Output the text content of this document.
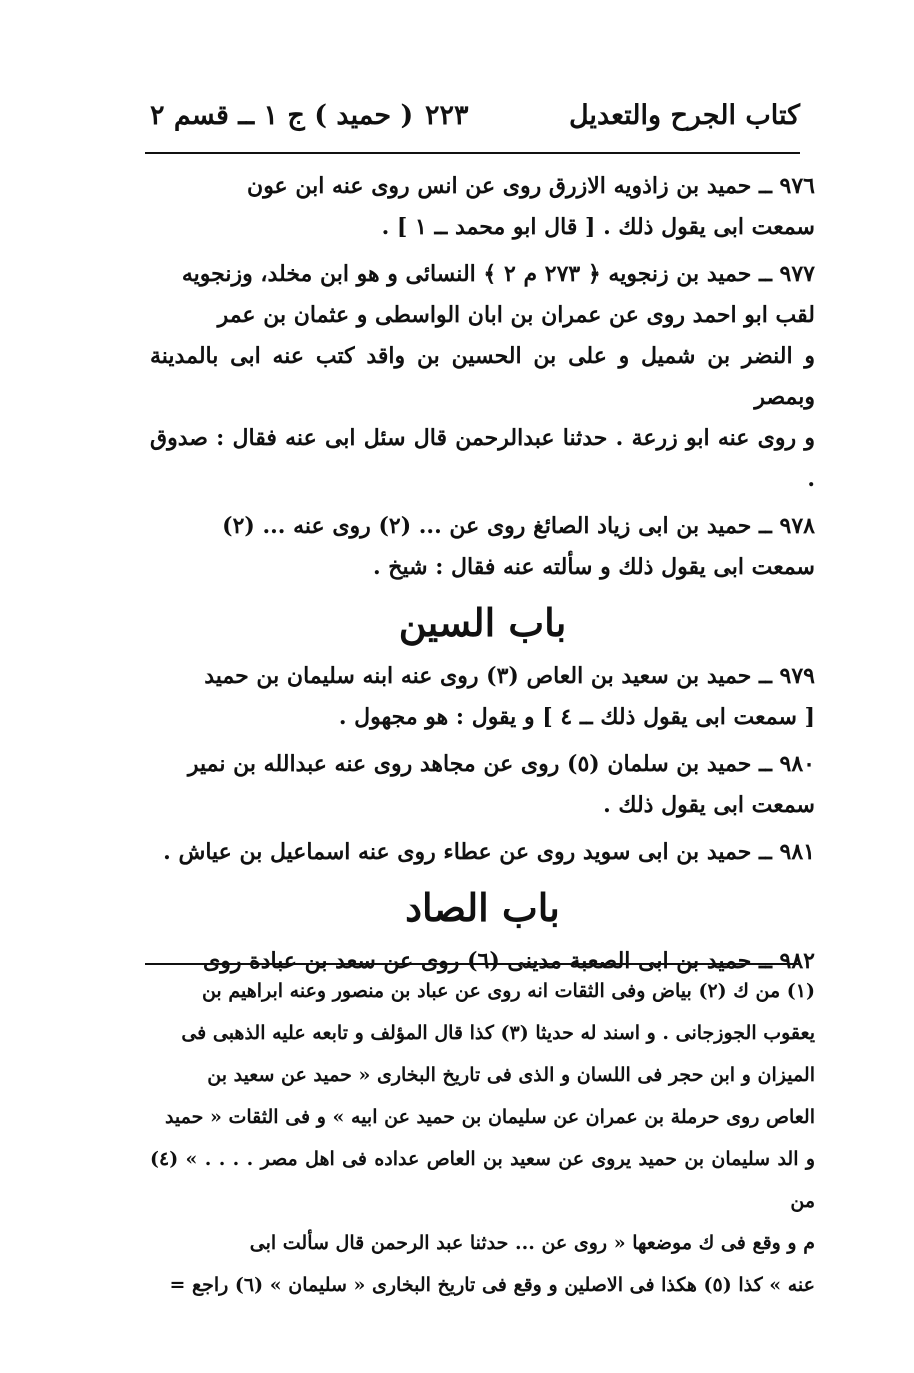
كتاب الجرح والتعديل
٢٢٣
( حميد ) ج ١ ــ قسم ٢

٩٧٦ ــ حميد بن زاذويه الازرق روى عن انس روى عنه ابن عون

سمعت ابى يقول ذلك . [ قال ابو محمد ــ ١ ] .

٩٧٧ ــ حميد بن زنجويه ﴿ ٢٧٣ م ٢ ﴾ النسائى و هو ابن مخلد، وزنجويه

لقب ابو احمد روى عن عمران بن ابان الواسطى و عثمان بن عمر

و النضر بن شميل و على بن الحسين بن واقد كتب عنه ابى بالمدينة وبمصر

و روى عنه ابو زرعة . حدثنا عبدالرحمن قال سئل ابى عنه فقال : صدوق .

٩٧٨ ــ حميد بن ابى زياد الصائغ روى عن ... (٢) روى عنه ... (٢)

سمعت ابى يقول ذلك و سألته عنه فقال : شيخ .

باب السين

٩٧٩ ــ حميد بن سعيد بن العاص (٣) روى عنه ابنه سليمان بن حميد

[ سمعت ابى يقول ذلك ــ ٤ ] و يقول : هو مجهول .

٩٨٠ ــ حميد بن سلمان (٥) روى عن مجاهد روى عنه عبدالله بن نمير

سمعت ابى يقول ذلك .

٩٨١ ــ حميد بن ابى سويد روى عن عطاء روى عنه اسماعيل بن عياش .

باب الصاد

٩٨٢ ــ حميد بن ابى الصعبة مدينى (٦) روى عن سعد بن عبادة روى

(١) من ك (٢) بياض وفى الثقات انه روى عن عباد بن منصور وعنه ابراهيم بن

يعقوب الجوزجانى . و اسند له حديثا (٣) كذا قال المؤلف و تابعه عليه الذهبى فى

الميزان و ابن حجر فى اللسان و الذى فى تاريخ البخارى « حميد عن سعيد بن

العاص روى حرملة بن عمران عن سليمان بن حميد عن ابيه » و فى الثقات « حميد

و الد سليمان بن حميد يروى عن سعيد بن العاص عداده فى اهل مصر . . . . » (٤) من

م و وقع فى ك موضعها « روى عن ... حدثنا عبد الرحمن قال سألت ابى

عنه » كذا (٥) هكذا فى الاصلين و وقع فى تاريخ البخارى « سليمان » (٦) راجع =
